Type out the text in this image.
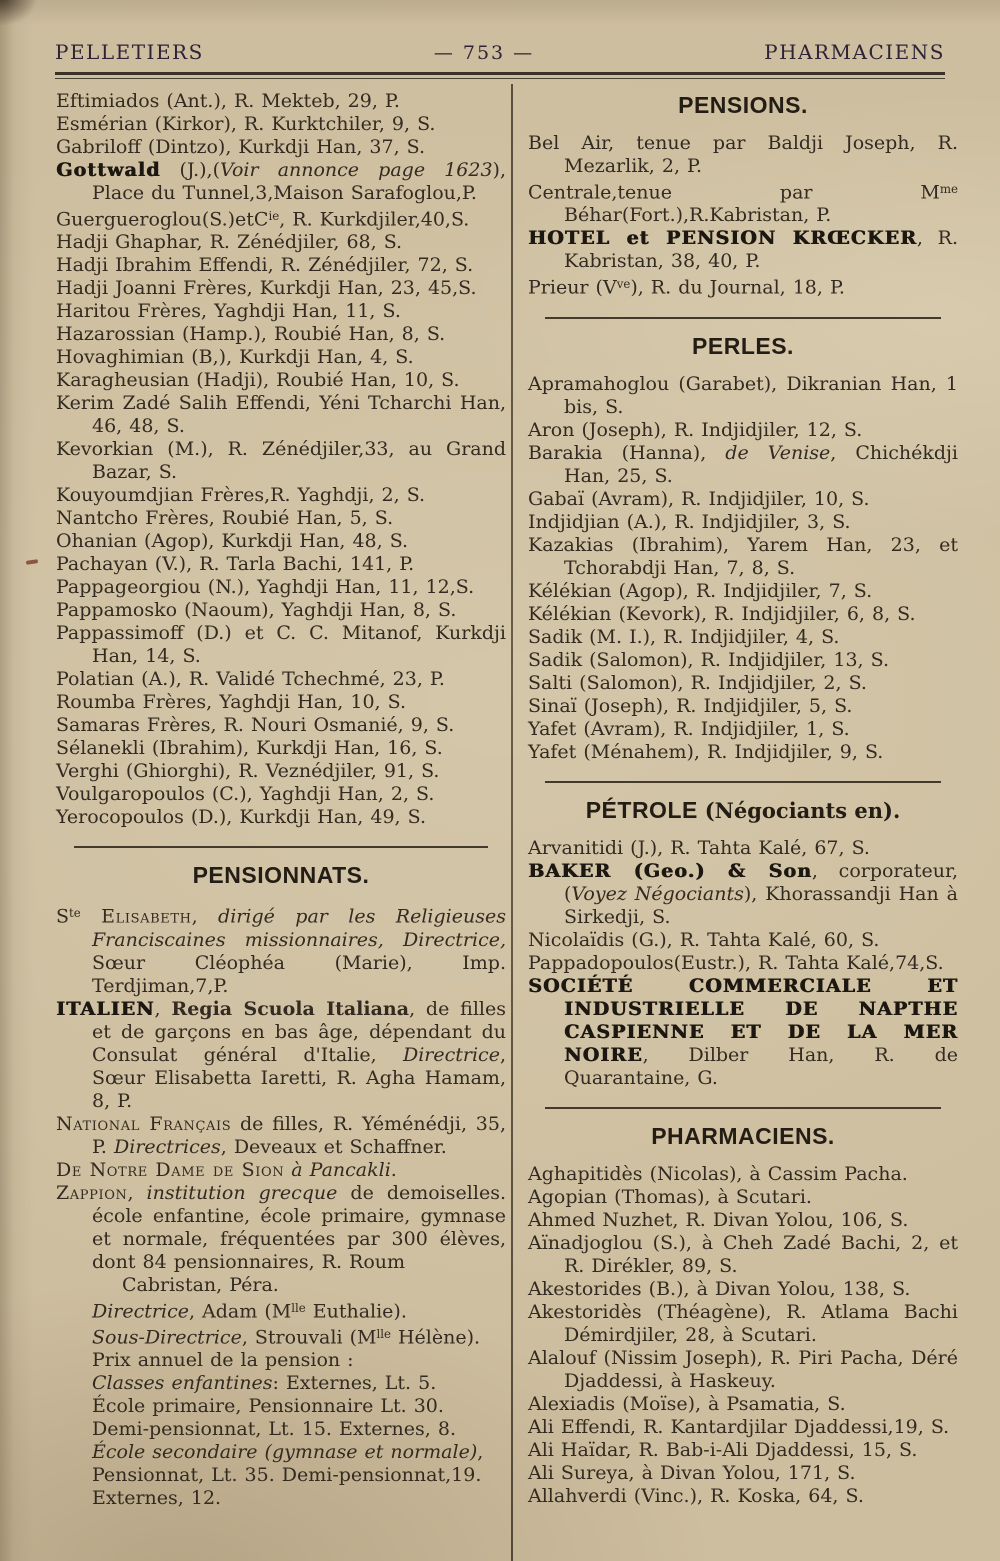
PELLETIERS	— 753 —	PHARMACIENS

Eftimiados (Ant.), R. Mekteb, 29, P.

Esmérian (Kirkor), R. Kurktchiler, 9, S.

Gabriloff (Dintzo), Kurkdji Han, 37, S.

Gottwald (J.),(Voir annonce page 1623), Place du Tunnel,3,Maison Sarafoglou,P.

Guergueroglou(S.)etC$^{ie}$, R. Kurkdjiler,40,S.

Hadji Ghaphar, R. Zénédjiler, 68, S.

Hadji Ibrahim Effendi, R. Zénédjiler, 72, S.

Hadji Joanni Frères, Kurkdji Han, 23, 45,S.

Haritou Frères, Yaghdji Han, 11, S.

Hazarossian (Hamp.), Roubié Han, 8, S.

Hovaghimian (B,), Kurkdji Han, 4, S.

Karagheusian (Hadji), Roubié Han, 10, S.

Kerim Zadé Salih Effendi, Yéni Tcharchi Han, 46, 48, S.

Kevorkian (M.), R. Zénédjiler,33, au Grand Bazar, S.

Kouyoumdjian Frères,R. Yaghdji, 2, S.

Nantcho Frères, Roubié Han, 5, S.

Ohanian (Agop), Kurkdji Han, 48, S.

Pachayan (V.), R. Tarla Bachi, 141, P.

Pappageorgiou (N.), Yaghdji Han, 11, 12,S.

Pappamosko (Naoum), Yaghdji Han, 8, S.

Pappassimoff (D.) et C. C. Mitanof, Kurkdji Han, 14, S.

Polatian (A.), R. Validé Tchechmé, 23, P.

Roumba Frères, Yaghdji Han, 10, S.

Samaras Frères, R. Nouri Osmanié, 9, S.

Sélanekli (Ibrahim), Kurkdji Han, 16, S.

Verghi (Ghiorghi), R. Veznédjiler, 91, S.

Voulgaropoulos (C.), Yaghdji Han, 2, S.

Yerocopoulos (D.), Kurkdji Han, 49, S.

PENSIONNATS.

$S^{te}$ Elisabeth, dirigé par les Religieuses Franciscaines missionnaires, Directrice, Sœur Cléophéa (Marie), Imp. Terdjiman,7,P.

ITALIEN, Regia Scuola Italiana, de filles et de garçons en bas âge, dépendant du Consulat général d'Italie, Directrice, Sœur Elisabetta Iaretti, R. Agha Hamam, 8, P.

National Français de filles, R. Yéménédji, 35, P. Directrices, Deveaux et Schaffner.

De Notre Dame de Sion à Pancakli.

Zappion, institution grecque de demoiselles. école enfantine, école primaire, gymnase et normale, fréquentées par 300 élèves, dont 84 pensionnaires, R. Roum

Cabristan, Péra.

Directrice, Adam ($M^{lle}$ Euthalie).

Sous-Directrice, Strouvali ($M^{lle}$ Hélène).

Prix annuel de la pension :

Classes enfantines: Externes, Lt. 5.

École primaire, Pensionnaire Lt. 30.

Demi-pensionnat, Lt. 15. Externes, 8.

École secondaire (gymnase et normale),

Pensionnat, Lt. 35. Demi-pensionnat,19.

Externes, 12.

PENSIONS.

Bel Air, tenue par Baldji Joseph, R. Mezarlik, 2, P.

Centrale,tenue par $M^{me}$ Béhar(Fort.),R.Kabristan, P.

HOTEL et PENSION KRŒCKER, R. Kabristan, 38, 40, P.

Prieur $(V^{ve})$, R. du Journal, 18, P.

PERLES.

Apramahoglou (Garabet), Dikranian Han, 1 bis, S.

Aron (Joseph), R. Indjidjiler, 12, S.

Barakia (Hanna), de Venise, Chichékdji Han, 25, S.

Gabaï (Avram), R. Indjidjiler, 10, S.

Indjidjian (A.), R. Indjidjiler, 3, S.

Kazakias (Ibrahim), Yarem Han, 23, et Tchorabdji Han, 7, 8, S.

Kélékian (Agop), R. Indjidjiler, 7, S.

Kélékian (Kevork), R. Indjidjiler, 6, 8, S.

Sadik (M. I.), R. Indjidjiler, 4, S.

Sadik (Salomon), R. Indjidjiler, 13, S.

Salti (Salomon), R. Indjidjiler, 2, S.

Sinaï (Joseph), R. Indjidjiler, 5, S.

Yafet (Avram), R. Indjidjiler, 1, S.

Yafet (Ménahem), R. Indjidjiler, 9, S.

PÉTROLE (Négociants en).

Arvanitidi (J.), R. Tahta Kalé, 67, S.

BAKER (Geo.) & Son, corporateur, (Voyez Négociants), Khorassandji Han à Sirkedji, S.

Nicolaïdis (G.), R. Tahta Kalé, 60, S.

Pappadopoulos(Eustr.), R. Tahta Kalé,74,S.

SOCIÉTÉ COMMERCIALE ET INDUSTRIELLE DE NAPTHE CASPIENNE ET DE LA MER NOIRE, Dilber Han, R. de Quarantaine, G.

PHARMACIENS.

Aghapitidès (Nicolas), à Cassim Pacha.

Agopian (Thomas), à Scutari.

Ahmed Nuzhet, R. Divan Yolou, 106, S.

Aïnadjoglou (S.), à Cheh Zadé Bachi, 2, et R. Dirékler, 89, S.

Akestorides (B.), à Divan Yolou, 138, S.

Akestoridès (Théagène), R. Atlama Bachi Démirdjiler, 28, à Scutari.

Alalouf (Nissim Joseph), R. Piri Pacha, Déré Djaddessi, à Haskeuy.

Alexiadis (Moïse), à Psamatia, S.

Ali Effendi, R. Kantardjilar Djaddessi,19, S.

Ali Haïdar, R. Bab-i-Ali Djaddessi, 15, S.

Ali Sureya, à Divan Yolou, 171, S.

Allahverdi (Vinc.), R. Koska, 64, S.
